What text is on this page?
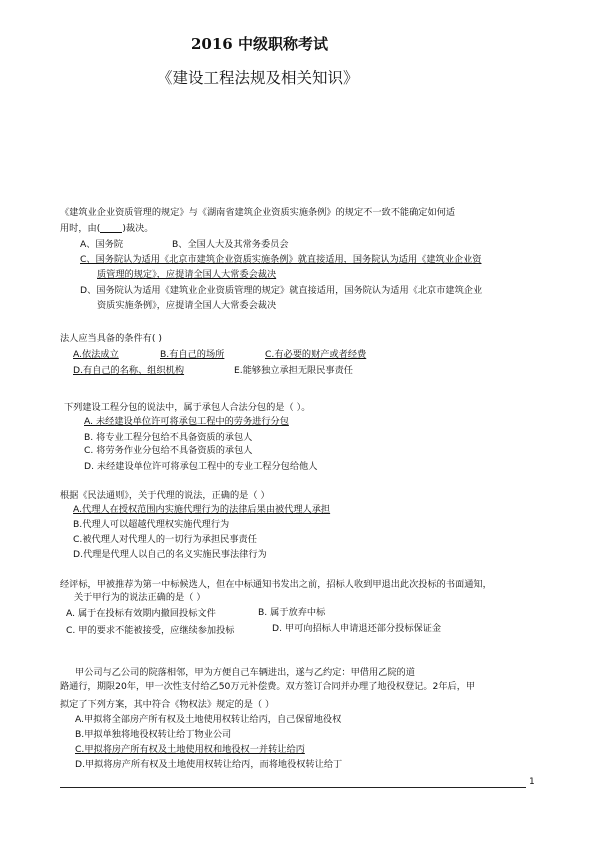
2016 中级职称考试
《建设工程法规及相关知识》
《建筑业企业资质管理的规定》与《湖南省建筑企业资质实施条例》的规定不一致不能确定如何适
用时，由( )裁决。
A、国务院	B、全国人大及其常务委员会
C、国务院认为适用《北京市建筑企业资质实施条例》就直接适用，国务院认为适用《建筑业企业资
质管理的规定》，应提请全国人大常委会裁决
D、国务院认为适用《建筑业企业资质管理的规定》就直接适用，国务院认为适用《北京市建筑企业
资质实施条例》，应提请全国人大常委会裁决
法人应当具备的条件有( )
A.依法成立	B.有自己的场所	C.有必要的财产或者经费
D.有自己的名称、组织机构	E.能够独立承担无限民事责任
下列建设工程分包的说法中，属于承包人合法分包的是（ ）。
A. 未经建设单位许可将承包工程中的劳务进行分包
B. 将专业工程分包给不具备资质的承包人
C. 将劳务作业分包给不具备资质的承包人
D. 未经建设单位许可将承包工程中的专业工程分包给他人
根据《民法通则》，关于代理的说法，正确的是（ ）
A.代理人在授权范围内实施代理行为的法律后果由被代理人承担
B.代理人可以超越代理权实施代理行为
C.被代理人对代理人的一切行为承担民事责任
D.代理是代理人以自己的名义实施民事法律行为
经评标，甲被推荐为第一中标候选人，但在中标通知书发出之前，招标人收到甲退出此次投标的书面通知，
关于甲行为的说法正确的是（ ）
A. 属于在投标有效期内撤回投标文件	B. 属于放弃中标
C. 甲的要求不能被接受，应继续参加投标	D. 甲可向招标人申请退还部分投标保证金
甲公司与乙公司的院落相邻，甲为方便自己车辆进出，遂与乙约定：甲借用乙院的道
路通行，期限20年，甲一次性支付给乙50万元补偿费。双方签订合同并办理了地役权登记。2年后，甲
拟定了下列方案，其中符合《物权法》规定的是（ ）
A.甲拟将全部房产所有权及土地使用权转让给丙，自己保留地役权
B.甲拟单独将地役权转让给丁物业公司
C.甲拟将房产所有权及土地使用权和地役权一并转让给丙
D.甲拟将房产所有权及土地使用权转让给丙，而将地役权转让给丁
1
